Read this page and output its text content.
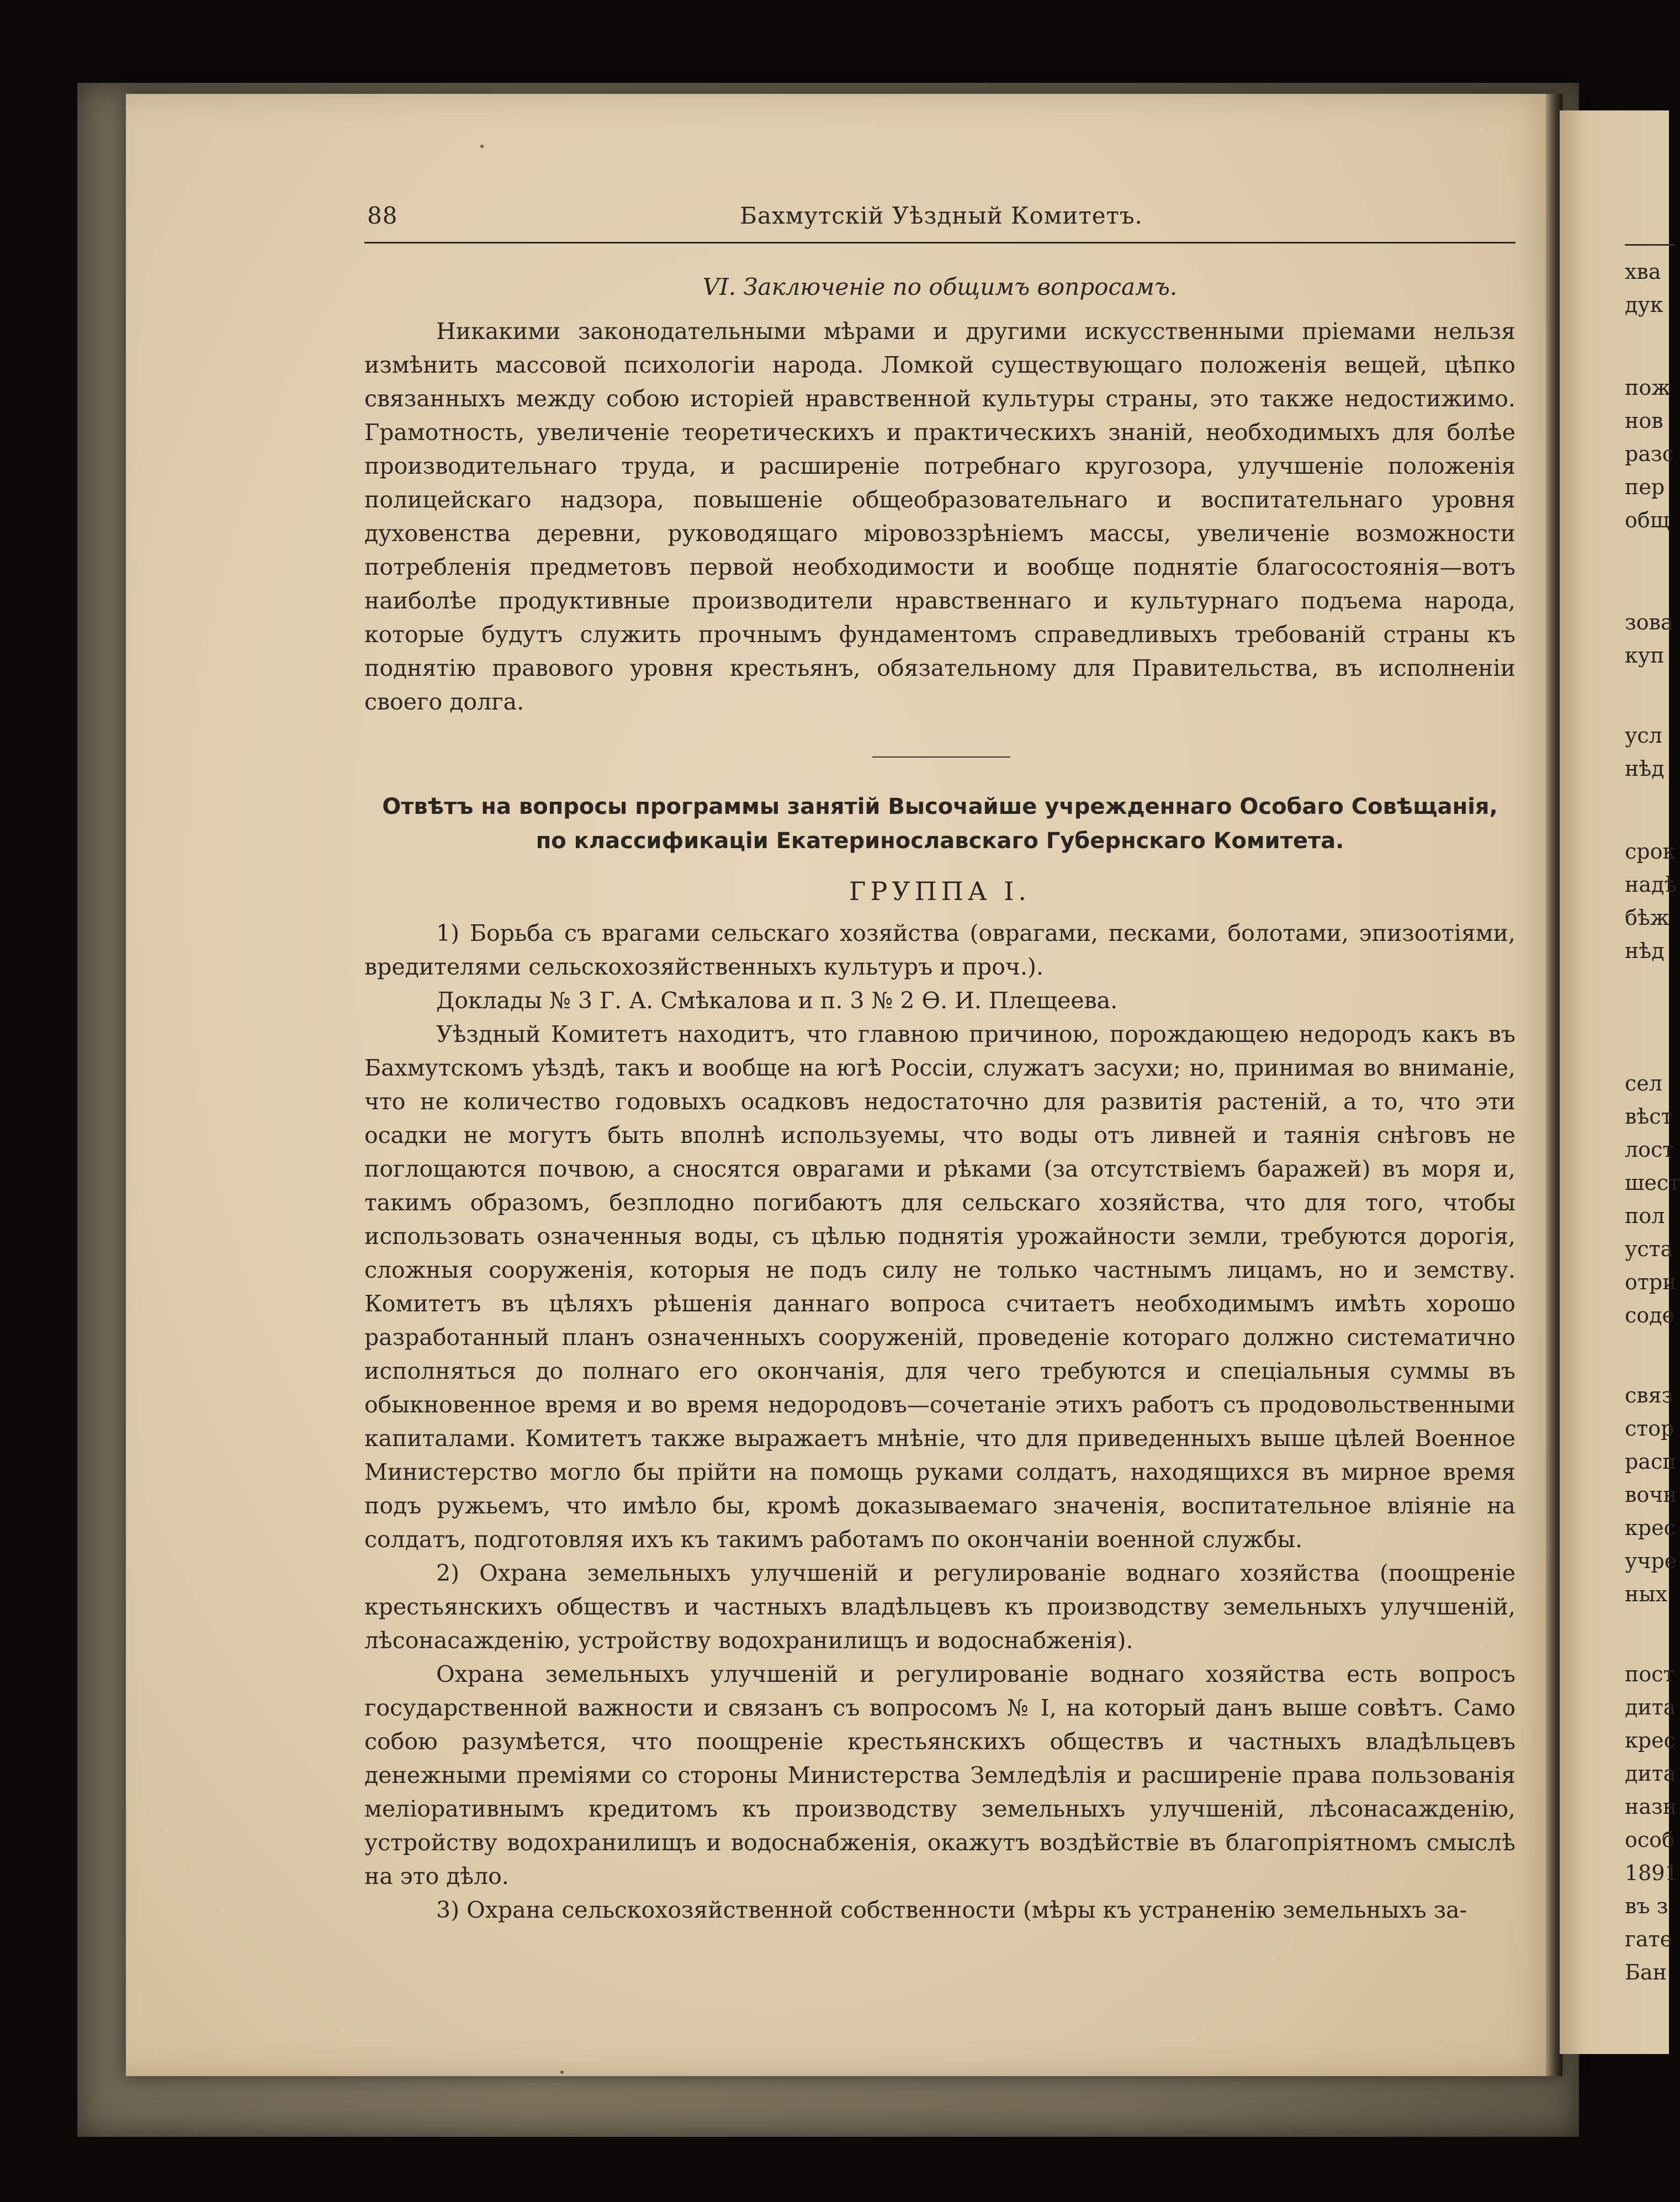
хва
дук
пож
нов
разс
пер
общ
зова
куп
усл
нѣд
срок
надѣ
бѣж
нѣд
сел
вѣст
лост
шест
пол
уста
отри
соде
связ
стор
расп
вочн
крес
учре
ных
пост
дита
крес
дита
назн
особ
1891
въ з
гате
Бан
88	Бахмутскій Уѣздный Комитетъ.
VI. Заключеніе по общимъ вопросамъ.

Никакими законодательными мѣрами и другими искусственными пріемами нельзя измѣнить массовой психологіи народа. Ломкой существующаго положенія вещей, цѣпко связанныхъ между собою исторіей нравственной культуры страны, это также недостижимо. Грамотность, увеличеніе теоретическихъ и практическихъ знаній, необходимыхъ для болѣе производительнаго труда, и расширеніе потребнаго кругозора, улучшеніе положенія полицейскаго надзора, повышеніе общеобразовательнаго и воспитательнаго уровня духовенства деревни, руководящаго міровоззрѣніемъ массы, увеличеніе возможности потребленія предметовъ первой необходимости и вообще поднятіе благосостоянія—вотъ наиболѣе продуктивные производители нравственнаго и культурнаго подъема народа, которые будутъ служить прочнымъ фундаментомъ справедливыхъ требованій страны къ поднятію правового уровня крестьянъ, обязательному для Правительства, въ исполненіи своего долга.

Отвѣтъ на вопросы программы занятій Высочайше учрежденнаго Особаго Совѣщанія, по классификаціи Екатеринославскаго Губернскаго Комитета.
ГРУППА I.

1) Борьба съ врагами сельскаго хозяйства (оврагами, песками, болотами, эпизоотіями, вредителями сельскохозяйственныхъ культуръ и проч.).

Доклады № 3 Г. А. Смѣкалова и п. 3 № 2 Ѳ. И. Плещеева.

Уѣздный Комитетъ находитъ, что главною причиною, порождающею недородъ какъ въ Бахмутскомъ уѣздѣ, такъ и вообще на югѣ Россіи, служатъ засухи; но, принимая во вниманіе, что не количество годовыхъ осадковъ недостаточно для развитія растеній, а то, что эти осадки не могутъ быть вполнѣ используемы, что воды отъ ливней и таянія снѣговъ не поглощаются почвою, а сносятся оврагами и рѣками (за отсутствіемъ баражей) въ моря и, такимъ образомъ, безплодно погибаютъ для сельскаго хозяйства, что для того, чтобы использовать означенныя воды, съ цѣлью поднятія урожайности земли, требуются дорогія, сложныя сооруженія, которыя не подъ силу не только частнымъ лицамъ, но и земству. Комитетъ въ цѣляхъ рѣшенія даннаго вопроса считаетъ необходимымъ имѣть хорошо разработанный планъ означенныхъ сооруженій, проведеніе котораго должно систематично исполняться до полнаго его окончанія, для чего требуются и спеціальныя суммы въ обыкновенное время и во время недородовъ—сочетаніе этихъ работъ съ продовольственными капиталами. Комитетъ также выражаетъ мнѣніе, что для приведенныхъ выше цѣлей Военное Министерство могло бы прійти на помощь руками солдатъ, находящихся въ мирное время подъ ружьемъ, что имѣло бы, кромѣ доказываемаго значенія, воспитательное вліяніе на солдатъ, подготовляя ихъ къ такимъ работамъ по окончаніи военной службы.

2) Охрана земельныхъ улучшеній и регулированіе воднаго хозяйства (поощреніе крестьянскихъ обществъ и частныхъ владѣльцевъ къ производству земельныхъ улучшеній, лѣсонасажденію, устройству водохранилищъ и водоснабженія).

Охрана земельныхъ улучшеній и регулированіе воднаго хозяйства есть вопросъ государственной важности и связанъ съ вопросомъ № I, на который данъ выше совѣтъ. Само собою разумѣется, что поощреніе крестьянскихъ обществъ и частныхъ владѣльцевъ денежными преміями со стороны Министерства Земледѣлія и расширеніе права пользованія меліоративнымъ кредитомъ къ производству земельныхъ улучшеній, лѣсонасажденію, устройству водохранилищъ и водоснабженія, окажутъ воздѣйствіе въ благопріятномъ смыслѣ на это дѣло.

3) Охрана сельскохозяйственной собственности (мѣры къ устраненію земельныхъ за-
